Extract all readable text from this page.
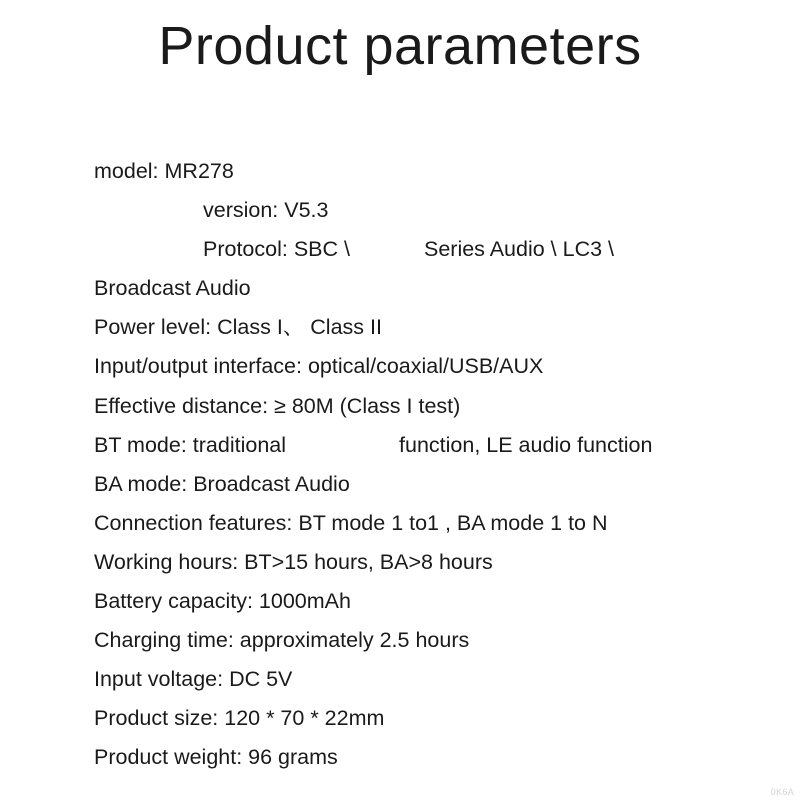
Product parameters
model: MR278
version: V5.3
Protocol: SBC \	Series Audio \ LC3 \
Broadcast Audio
Power level: Class I、 Class II
Input/output interface: optical/coaxial/USB/AUX
Effective distance: ≥ 80M (Class I test)
BT mode: traditional	function, LE audio function
BA mode: Broadcast Audio
Connection features: BT mode 1 to1 , BA mode 1 to N
Working hours: BT>15 hours, BA>8 hours
Battery capacity: 1000mAh
Charging time: approximately 2.5 hours
Input voltage: DC 5V
Product size: 120 * 70 * 22mm
Product weight: 96 grams
0K6A
